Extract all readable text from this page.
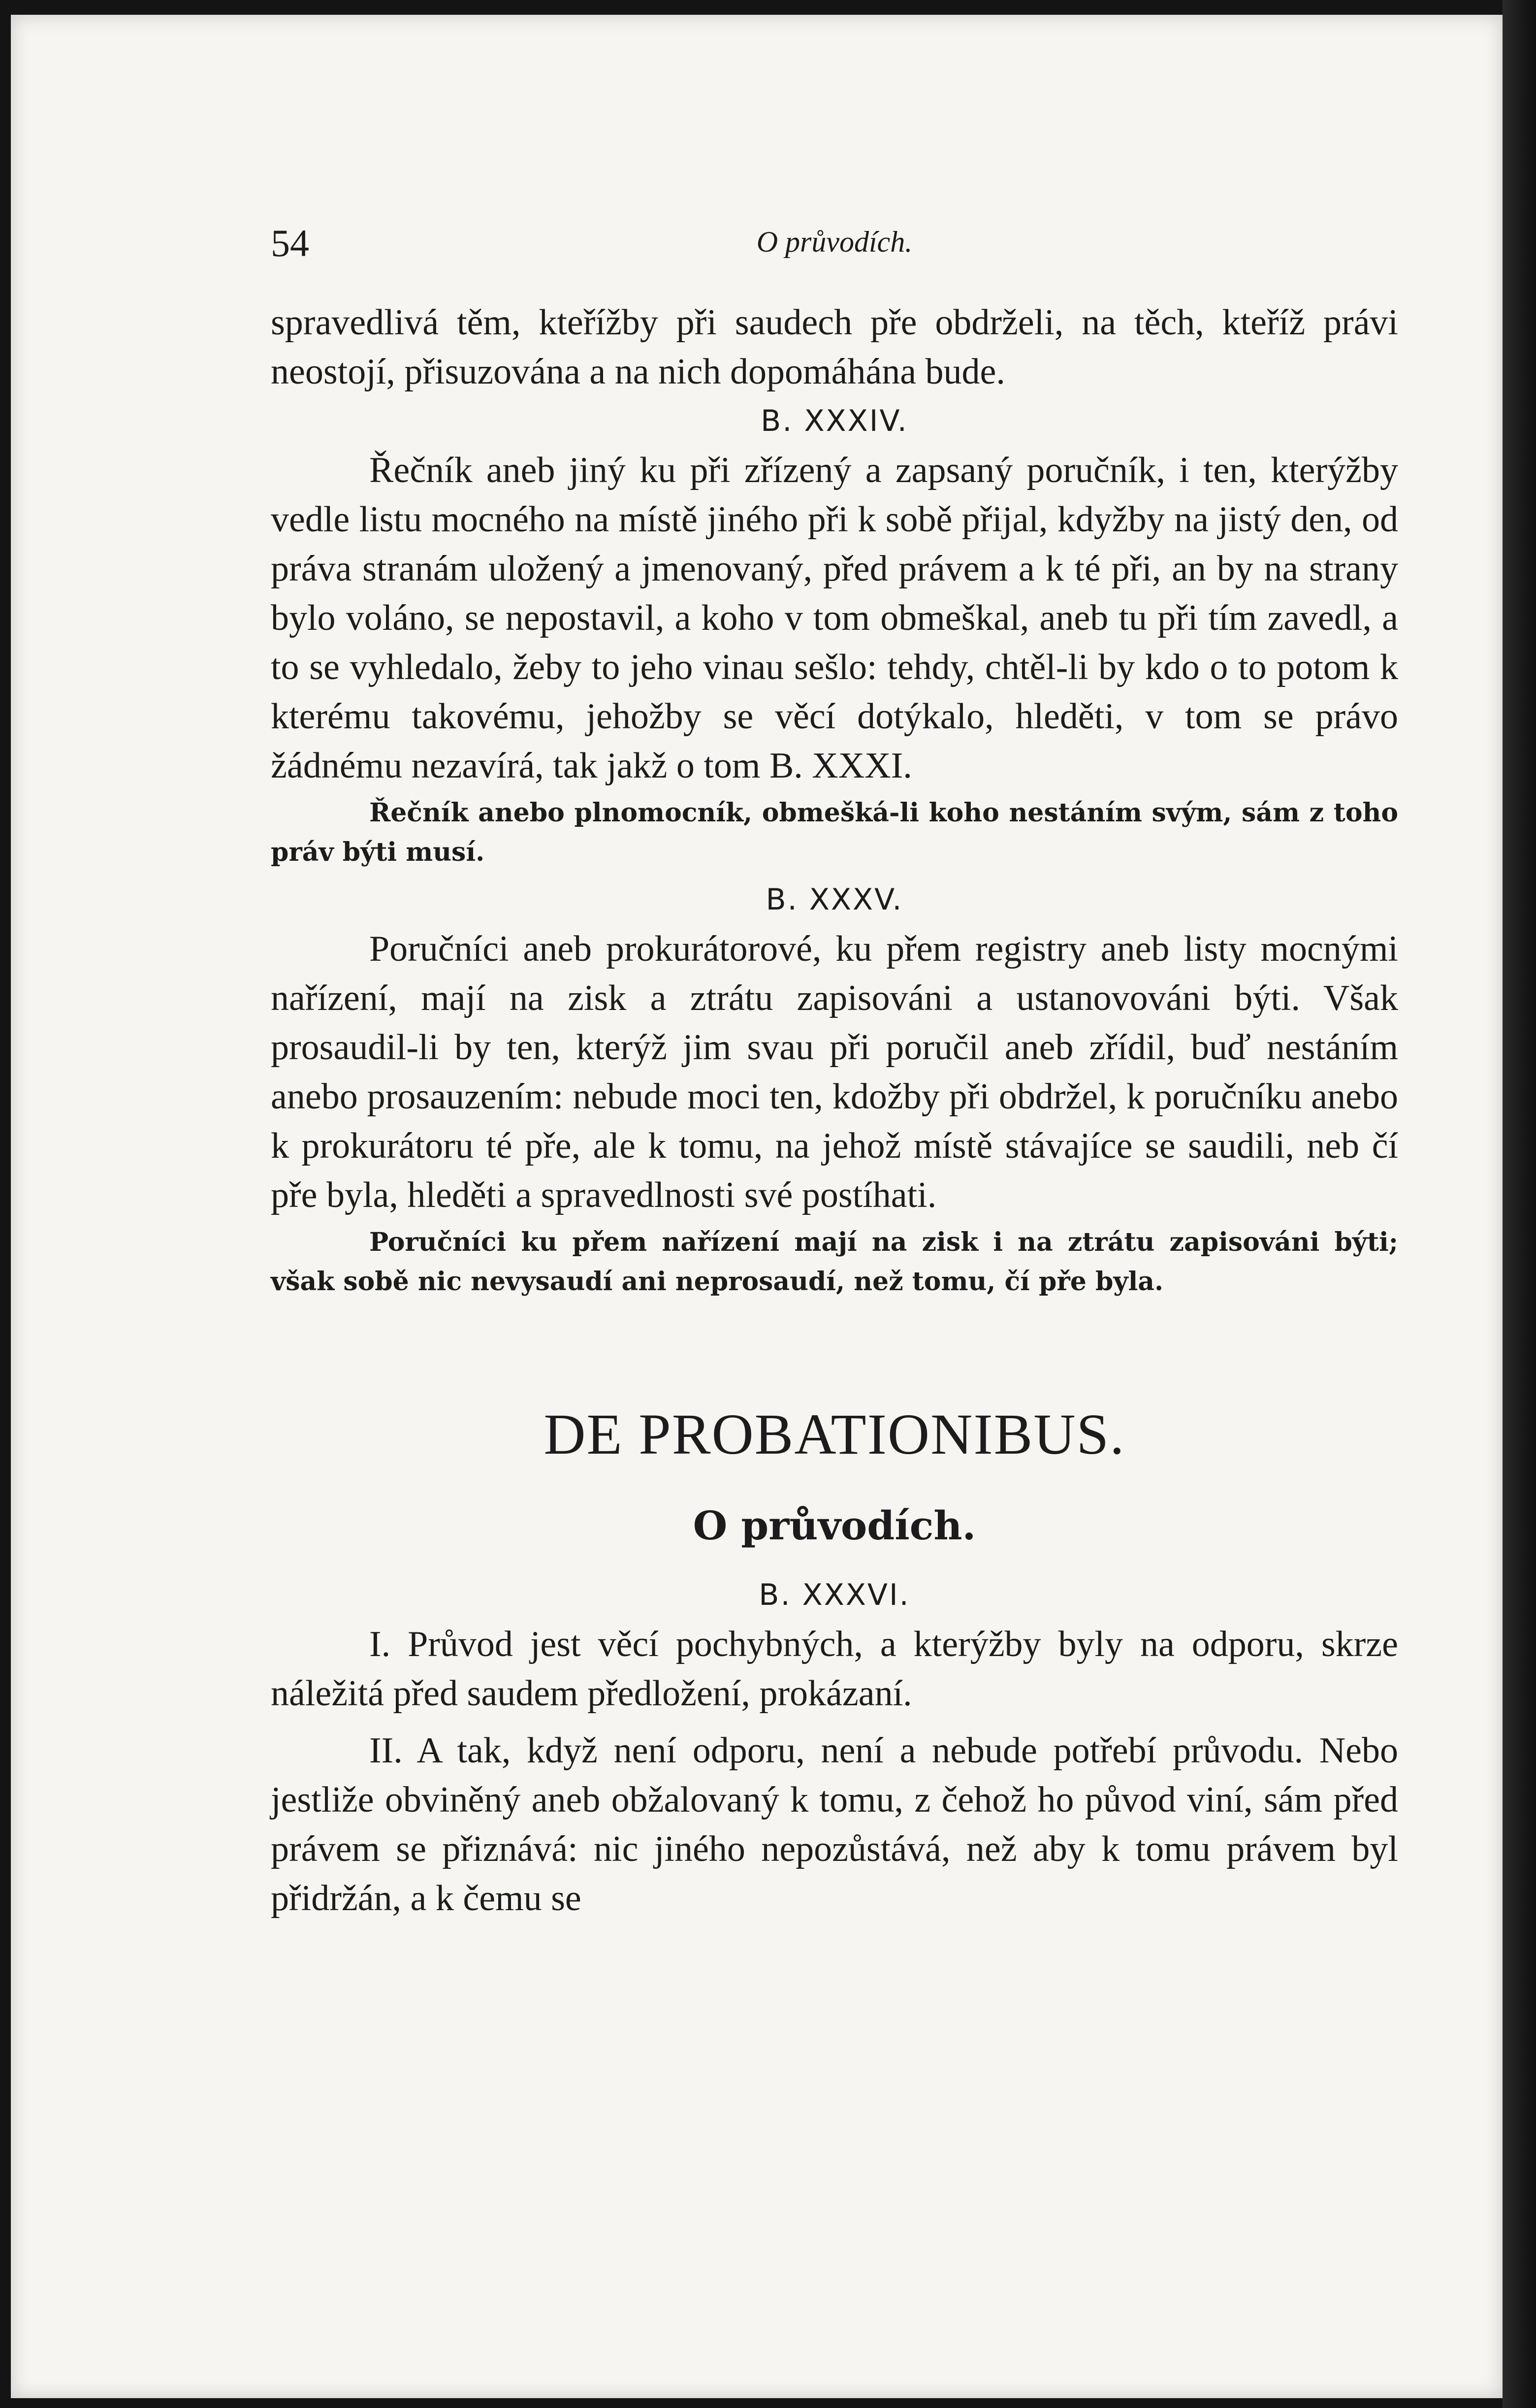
54	O průvodích.

spravedlivá těm, kteřížby při saudech pře obdrželi, na těch, kteříž právi neostojí, přisuzována a na nich dopomáhána bude.

B. XXXIV.

Řečník aneb jiný ku při zřízený a zapsaný poručník, i ten, kterýžby vedle listu mocného na místě jiného při k sobě přijal, kdyžby na jistý den, od práva stranám uložený a jmenovaný, před právem a k té při, an by na strany bylo voláno, se nepostavil, a koho v tom obmeškal, aneb tu při tím zavedl, a to se vyhledalo, žeby to jeho vinau sešlo: tehdy, chtěl-li by kdo o to potom k kterému takovému, jehožby se věcí dotýkalo, hleděti, v tom se právo žádnému nezavírá, tak jakž o tom B. XXXI.

Řečník anebo plnomocník, obmešká-li koho nestáním svým, sám z toho práv býti musí.

B. XXXV.

Poručníci aneb prokurátorové, ku přem registry aneb listy mocnými nařízení, mají na zisk a ztrátu zapisováni a ustanovováni býti. Však prosaudil-li by ten, kterýž jim svau při poručil aneb zřídil, buď nestáním anebo prosauzením: nebude moci ten, kdožby při obdržel, k poručníku anebo k prokurátoru té pře, ale k tomu, na jehož místě stávajíce se saudili, neb čí pře byla, hleděti a spravedlnosti své postíhati.

Poručníci ku přem nařízení mají na zisk i na ztrátu zapisováni býti; však sobě nic nevysaudí ani neprosaudí, než tomu, čí pře byla.

DE PROBATIONIBUS.
O průvodích.
B. XXXVI.

I. Průvod jest věcí pochybných, a kterýžby byly na odporu, skrze náležitá před saudem předložení, prokázaní.

II. A tak, když není odporu, není a nebude potřebí průvodu. Nebo jestliže obviněný aneb obžalovaný k tomu, z čehož ho původ viní, sám před právem se přiznává: nic jiného nepozůstává, než aby k tomu právem byl přidržán, a k čemu se
